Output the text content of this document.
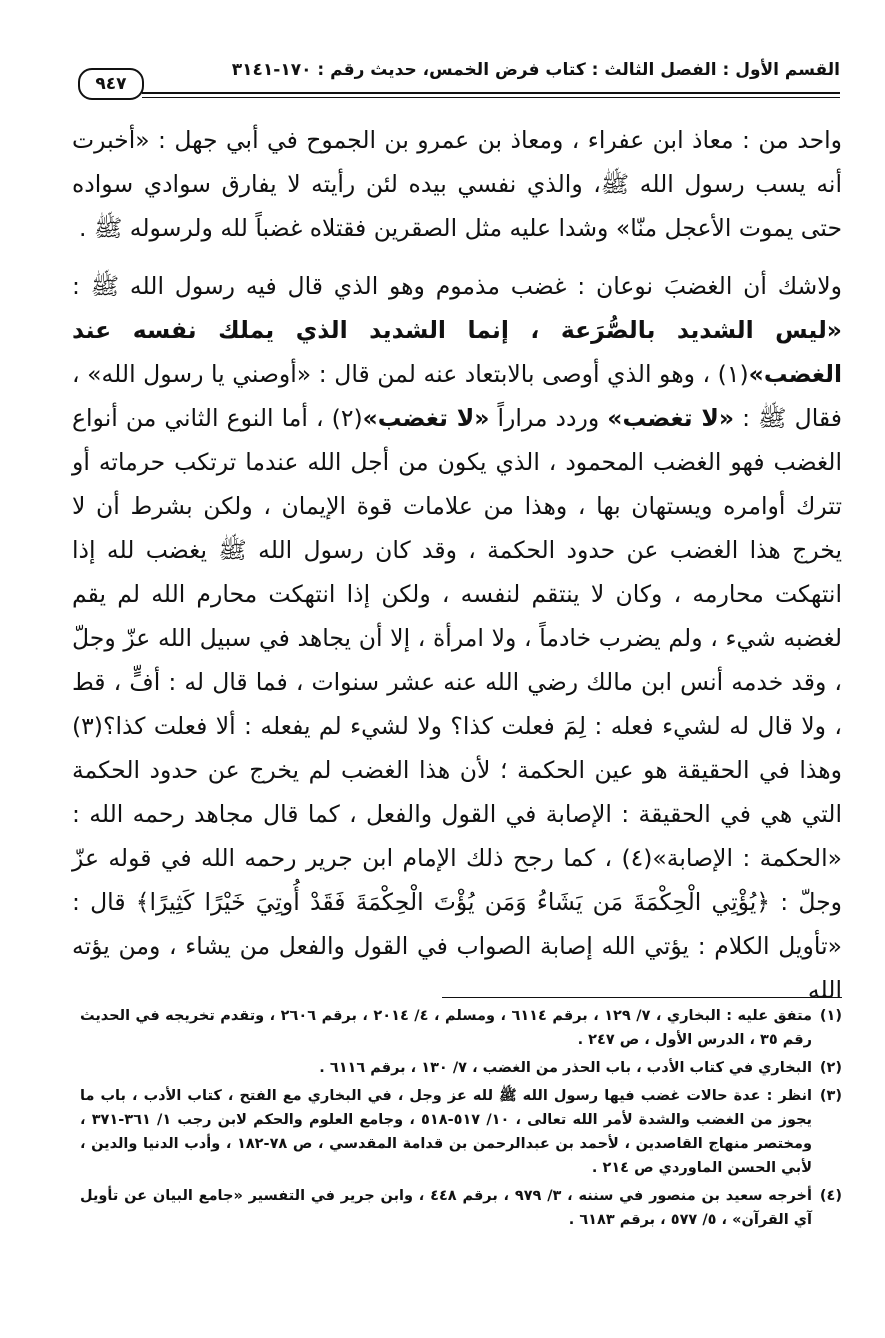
القسم الأول : الفصل الثالث : كتاب فرض الخمس، حديث رقم : ١٧٠-٣١٤١
٩٤٧

واحد من : معاذ ابن عفراء ، ومعاذ بن عمرو بن الجموح في أبي جهل : «أخبرت أنه يسب رسول الله ﷺ، والذي نفسي بيده لئن رأيته لا يفارق سوادي سواده حتى يموت الأعجل منّا» وشدا عليه مثل الصقرين فقتلاه غضباً لله ولرسوله ﷺ .

ولاشك أن الغضبَ نوعان : غضب مذموم وهو الذي قال فيه رسول الله ﷺ : «ليس الشديد بالصُّرَعة ، إنما الشديد الذي يملك نفسه عند الغضب»(١) ، وهو الذي أوصى بالابتعاد عنه لمن قال : «أوصني يا رسول الله» ، فقال ﷺ : «لا تغضب» وردد مراراً «لا تغضب»(٢) ، أما النوع الثاني من أنواع الغضب فهو الغضب المحمود ، الذي يكون من أجل الله عندما ترتكب حرماته أو تترك أوامره ويستهان بها ، وهذا من علامات قوة الإيمان ، ولكن بشرط أن لا يخرج هذا الغضب عن حدود الحكمة ، وقد كان رسول الله ﷺ يغضب لله إذا انتهكت محارمه ، وكان لا ينتقم لنفسه ، ولكن إذا انتهكت محارم الله لم يقم لغضبه شيء ، ولم يضرب خادماً ، ولا امرأة ، إلا أن يجاهد في سبيل الله عزّ وجلّ ، وقد خدمه أنس ابن مالك رضي الله عنه عشر سنوات ، فما قال له : أفٍّ ، قط ، ولا قال له لشيء فعله : لِمَ فعلت كذا؟ ولا لشيء لم يفعله : ألا فعلت كذا؟(٣) وهذا في الحقيقة هو عين الحكمة ؛ لأن هذا الغضب لم يخرج عن حدود الحكمة التي هي في الحقيقة : الإصابة في القول والفعل ، كما قال مجاهد رحمه الله : «الحكمة : الإصابة»(٤) ، كما رجح ذلك الإمام ابن جرير رحمه الله في قوله عزّ وجلّ : ﴿يُؤْتِي الْحِكْمَةَ مَن يَشَاءُ وَمَن يُؤْتَ الْحِكْمَةَ فَقَدْ أُوتِيَ خَيْرًا كَثِيرًا﴾ قال : «تأويل الكلام : يؤتي الله إصابة الصواب في القول والفعل من يشاء ، ومن يؤته الله

(١)
متفق عليه : البخاري ، ٧/ ١٢٩ ، برقم ٦١١٤ ، ومسلم ، ٤/ ٢٠١٤ ، برقم ٢٦٠٦ ، وتقدم تخريجه في الحديث رقم ٣٥ ، الدرس الأول ، ص ٢٤٧ .
(٢)
البخاري في كتاب الأدب ، باب الحذر من الغضب ، ٧/ ١٣٠ ، برقم ٦١١٦ .
(٣)
انظر : عدة حالات غضب فيها رسول الله ﷺ لله عز وجل ، في البخاري مع الفتح ، كتاب الأدب ، باب ما يجوز من الغضب والشدة لأمر الله تعالى ، ١٠/ ٥١٧-٥١٨ ، وجامع العلوم والحكم لابن رجب ١/ ٣٦١-٣٧١ ، ومختصر منهاج القاصدين ، لأحمد بن عبدالرحمن بن قدامة المقدسي ، ص ٧٨-١٨٢ ، وأدب الدنيا والدين ، لأبي الحسن الماوردي ص ٢١٤ .
(٤)
أخرجه سعيد بن منصور في سننه ، ٣/ ٩٧٩ ، برقم ٤٤٨ ، وابن جرير في التفسير «جامع البيان عن تأويل آي القرآن» ، ٥/ ٥٧٧ ، برقم ٦١٨٣ .
